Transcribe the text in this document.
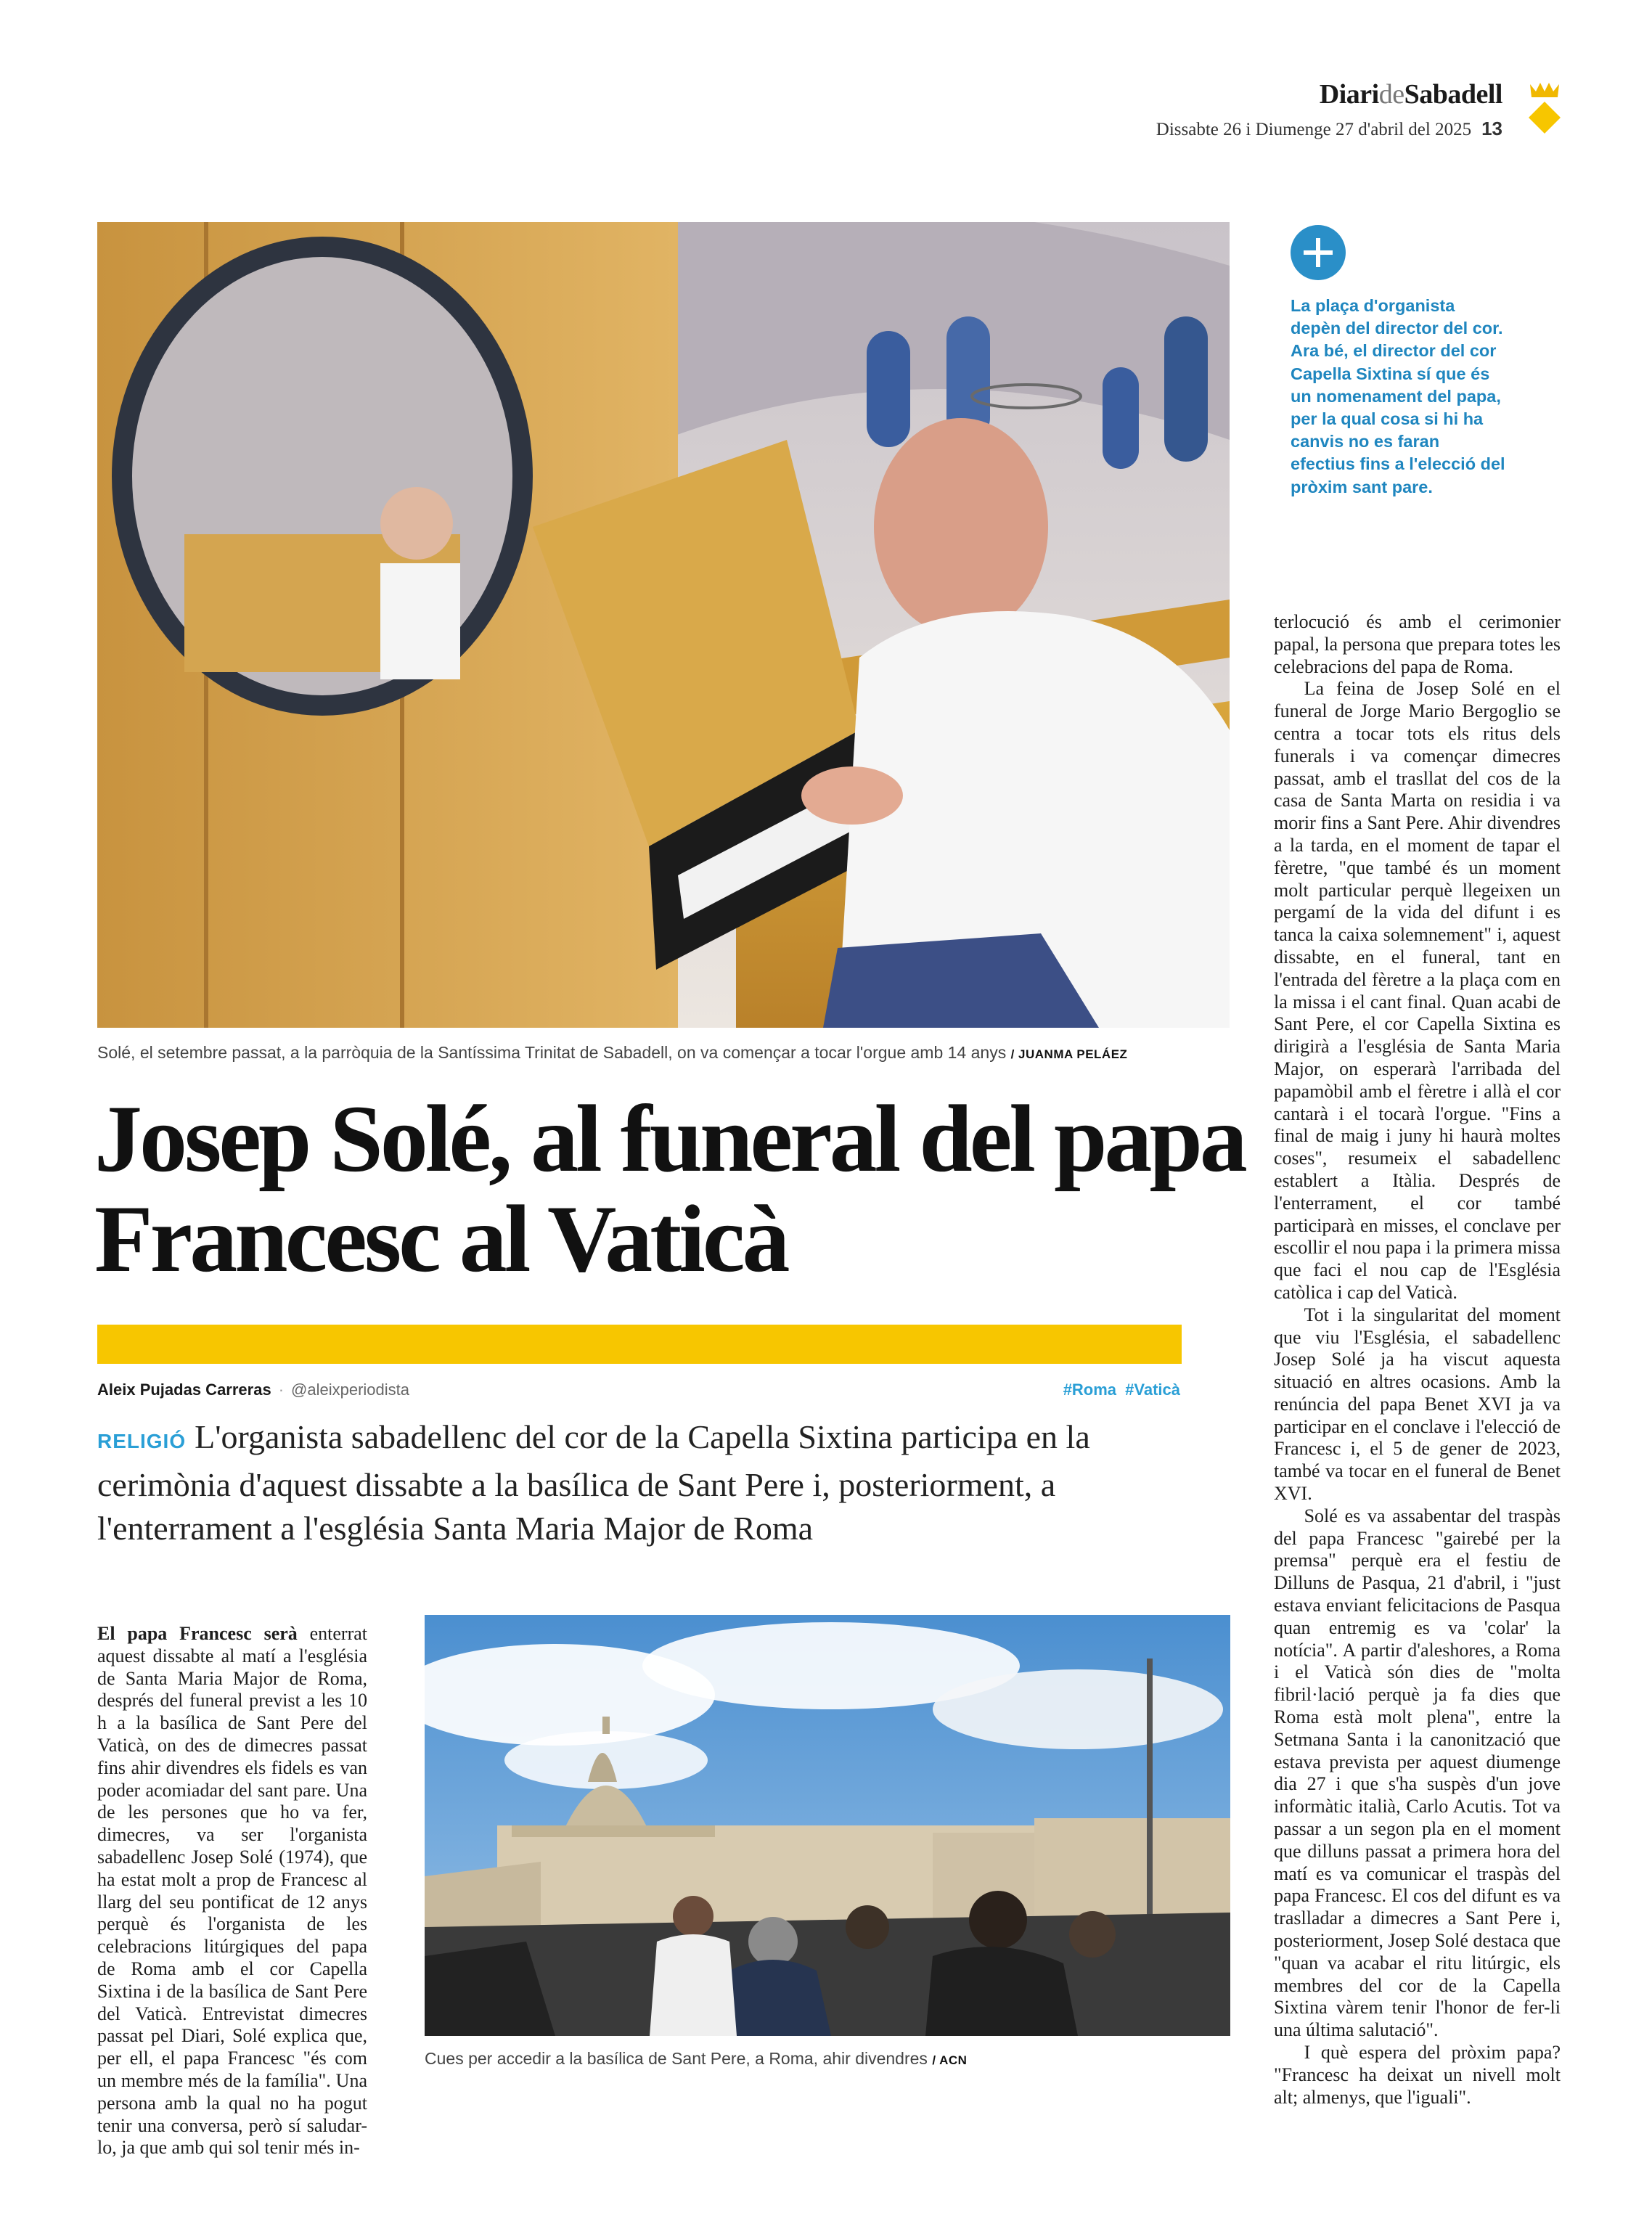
DiarideSabadell
Dissabte 26 i Diumenge 27 d'abril del 2025 13
Solé, el setembre passat, a la parròquia de la Santíssima Trinitat de Sabadell, on va començar a tocar l'orgue amb 14 anys / JUANMA PELÁEZ
Josep Solé, al funeral del papa Francesc al Vaticà
Aleix Pujadas Carreras · @aleixperiodista	#Roma #Vaticà
RELIGIÓ L'organista sabadellenc del cor de la Capella Sixtina participa en la cerimònia d'aquest dissabte a la basílica de Sant Pere i, posteriorment, a l'enterrament a l'església Santa Maria Major de Roma

El papa Francesc serà enterrat aquest dissabte al matí a l'església de Santa Maria Major de Roma, després del funeral previst a les 10 h a la basílica de Sant Pere del Vaticà, on des de dimecres passat fins ahir divendres els fidels es van poder acomiadar del sant pare. Una de les persones que ho va fer, dimecres, va ser l'organista sabadellenc Josep Solé (1974), que ha estat molt a prop de Francesc al llarg del seu pontificat de 12 anys perquè és l'organista de les celebracions litúrgiques del papa de Roma amb el cor Capella Sixtina i de la basílica de Sant Pere del Vaticà. Entrevistat dimecres passat pel Diari, Solé explica que, per ell, el papa Francesc "és com un membre més de la família". Una persona amb la qual no ha pogut tenir una conversa, però sí saludar-lo, ja que amb qui sol tenir més in-

Cues per accedir a la basílica de Sant Pere, a Roma, ahir divendres / ACN
La plaça d'organista depèn del director del cor. Ara bé, el director del cor Capella Sixtina sí que és un nomenament del papa, per la qual cosa si hi ha canvis no es faran efectius fins a l'elecció del pròxim sant pare.

terlocució és amb el cerimonier papal, la persona que prepara totes les celebracions del papa de Roma.

La feina de Josep Solé en el funeral de Jorge Mario Bergoglio se centra a tocar tots els ritus dels funerals i va començar dimecres passat, amb el trasllat del cos de la casa de Santa Marta on residia i va morir fins a Sant Pere. Ahir divendres a la tarda, en el moment de tapar el fèretre, "que també és un moment molt particular perquè llegeixen un pergamí de la vida del difunt i es tanca la caixa solemnement" i, aquest dissabte, en el funeral, tant en l'entrada del fèretre a la plaça com en la missa i el cant final. Quan acabi de Sant Pere, el cor Capella Sixtina es dirigirà a l'església de Santa Maria Major, on esperarà l'arribada del papamòbil amb el fèretre i allà el cor cantarà i el tocarà l'orgue. "Fins a final de maig i juny hi haurà moltes coses", resumeix el sabadellenc establert a Itàlia. Després de l'enterrament, el cor també participarà en misses, el conclave per escollir el nou papa i la primera missa que faci el nou cap de l'Església catòlica i cap del Vaticà.

Tot i la singularitat del moment que viu l'Església, el sabadellenc Josep Solé ja ha viscut aquesta situació en altres ocasions. Amb la renúncia del papa Benet XVI ja va participar en el conclave i l'elecció de Francesc i, el 5 de gener de 2023, també va tocar en el funeral de Benet XVI.

Solé es va assabentar del traspàs del papa Francesc "gairebé per la premsa" perquè era el festiu de Dilluns de Pasqua, 21 d'abril, i "just estava enviant felicitacions de Pasqua quan entremig es va 'colar' la notícia". A partir d'aleshores, a Roma i el Vaticà són dies de "molta fibril·lació perquè ja fa dies que Roma està molt plena", entre la Setmana Santa i la canonització que estava prevista per aquest diumenge dia 27 i que s'ha suspès d'un jove informàtic italià, Carlo Acutis. Tot va passar a un segon pla en el moment que dilluns passat a primera hora del matí es va comunicar el traspàs del papa Francesc. El cos del difunt es va traslladar a dimecres a Sant Pere i, posteriorment, Josep Solé destaca que "quan va acabar el ritu litúrgic, els membres del cor de la Capella Sixtina vàrem tenir l'honor de fer-li una última salutació".

I què espera del pròxim papa? "Francesc ha deixat un nivell molt alt; almenys, que l'iguali".
